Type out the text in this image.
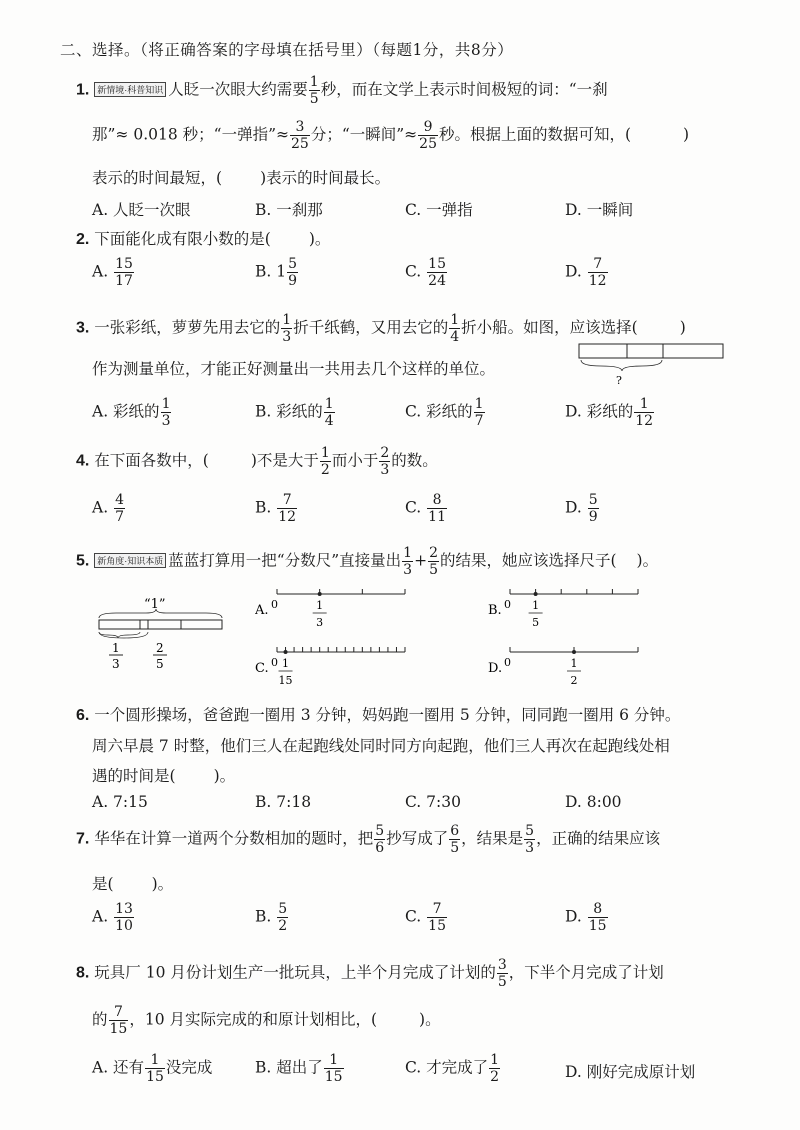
二、选择。（将正确答案的字母填在括号里）（每题1分，共8分）
1. 新情境·科普知识 人眨一次眼大约需要 $\frac{1}{5}$ 秒，而在文学上表示时间极短的词：“一刹
那”≈ 0.018 秒；“一弹指”≈ $\frac{3}{25}$ 分；“一瞬间”≈ $\frac{9}{25}$ 秒。根据上面的数据可知，(	)
表示的时间最短，( )表示的时间最长。
A. 人眨一次眼	B. 一刹那	C. 一弹指	D. 一瞬间
2. 下面能化成有限小数的是( )。
A. $\frac{15}{17}$	B. $1 \frac{5}{9}$	C. $\frac{15}{24}$	D. $\frac{7}{12}$
3. 一张彩纸，萝萝先用去它的 $\frac{1}{3}$ 折千纸鹤，又用去它的 $\frac{1}{4}$ 折小船。如图，应该选择(	)
作为测量单位，才能正好测量出一共用去几个这样的单位。
?
A. 彩纸的 $\frac{1}{3}$	B. 彩纸的 $\frac{1}{4}$	C. 彩纸的 $\frac{1}{7}$	D. 彩纸的 $\frac{1}{12}$
4. 在下面各数中，(	)不是大于 $\frac{1}{2}$ 而小于 $\frac{2}{3}$ 的数。
A. $\frac{4}{7}$	B. $\frac{7}{12}$	C. $\frac{8}{11}$	D. $\frac{5}{9}$
5. 新角度·知识本质 蓝蓝打算用一把“分数尺”直接量出 $\frac{1}{3} + \frac{2}{5}$ 的结果，她应该选择尺子( )。
“1”
1
3
2
5
A. 0	1
3
B. 0 1
5
C. 0 1
15
D. 0	1
2
6. 一个圆形操场，爸爸跑一圈用 3 分钟，妈妈跑一圈用 5 分钟，同同跑一圈用 6 分钟。
周六早晨 7 时整，他们三人在起跑线处同时同方向起跑，他们三人再次在起跑线处相
遇的时间是( )。
A. 7:15	B. 7:18	C. 7:30	D. 8:00
7. 华华在计算一道两个分数相加的题时，把 $\frac{5}{6}$ 抄写成了 $\frac{6}{5}$ ，结果是 $\frac{5}{3}$ ，正确的结果应该
是( )。
A. $\frac{13}{10}$	B. $\frac{5}{2}$	C. $\frac{7}{15}$	D. $\frac{8}{15}$
8. 玩具厂 10 月份计划生产一批玩具，上半个月完成了计划的 $\frac{3}{5}$ ，下半个月完成了计划
的 $\frac{7}{15}$ ，10 月实际完成的和原计划相比，(	)。
A. 还有 $\frac{1}{15}$ 没完成	B. 超出了 $\frac{1}{15}$	C. 才完成了 $\frac{1}{2}$	D. 刚好完成原计划
